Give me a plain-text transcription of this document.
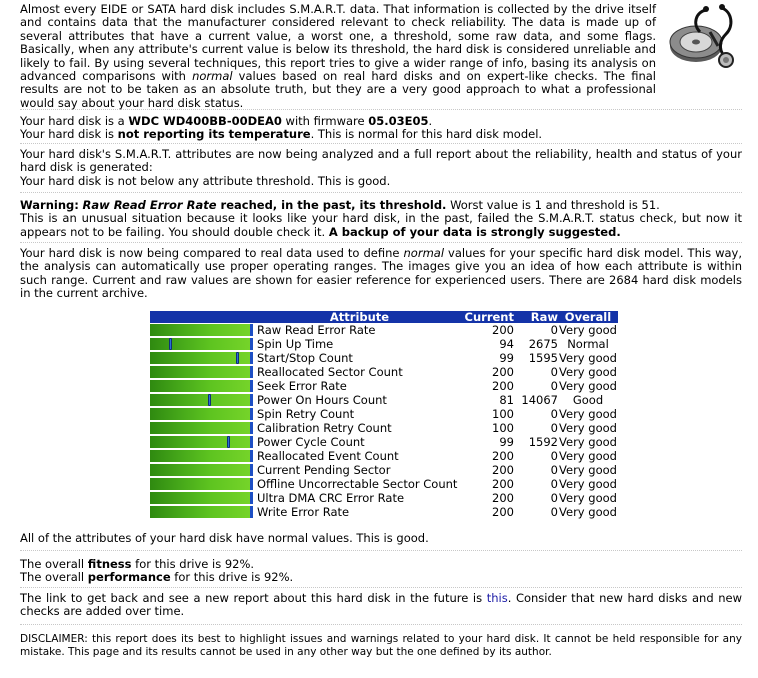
Almost every EIDE or SATA hard disk includes S.M.A.R.T. data. That information is collected by the drive itself and contains data that the manufacturer considered relevant to check reliability. The data is made up of several attributes that have a current value, a worst one, a threshold, some raw data, and some flags. Basically, when any attribute's current value is below its threshold, the hard disk is considered unreliable and likely to fail. By using several techniques, this report tries to give a wider range of info, basing its analysis on advanced comparisons with normal values based on real hard disks and on expert-like checks. The final results are not to be taken as an absolute truth, but they are a very good approach to what a professional would say about your hard disk status.
Your hard disk is a WDC WD400BB-00DEA0 with firmware 05.03E05.
Your hard disk is not reporting its temperature. This is normal for this hard disk model.
Your hard disk's S.M.A.R.T. attributes are now being analyzed and a full report about the reliability, health and status of your hard disk is generated:
Your hard disk is not below any attribute threshold. This is good.
Warning: Raw Read Error Rate reached, in the past, its threshold. Worst value is 1 and threshold is 51.
This is an unusual situation because it looks like your hard disk, in the past, failed the S.M.A.R.T. status check, but now it appears not to be failing. You should double check it. A backup of your data is strongly suggested.
Your hard disk is now being compared to real data used to define normal values for your specific hard disk model. This way, the analysis can automatically use proper operating ranges. The images give you an idea of how each attribute is within such range. Current and raw values are shown for easier reference for experienced users. There are 2684 hard disk models in the current archive.
	Attribute	Current	Raw	Overall

	Raw Read Error Rate	200	0	Very good

	Spin Up Time	94	2675	Normal

	Start/Stop Count	99	1595	Very good

	Reallocated Sector Count	200	0	Very good

	Seek Error Rate	200	0	Very good

	Power On Hours Count	81	14067	Good

	Spin Retry Count	100	0	Very good

	Calibration Retry Count	100	0	Very good

	Power Cycle Count	99	1592	Very good

	Reallocated Event Count	200	0	Very good

	Current Pending Sector	200	0	Very good

	Offline Uncorrectable Sector Count	200	0	Very good

	Ultra DMA CRC Error Rate	200	0	Very good

	Write Error Rate	200	0	Very good
All of the attributes of your hard disk have normal values. This is good.
The overall fitness for this drive is 92%.
The overall performance for this drive is 92%.
The link to get back and see a new report about this hard disk in the future is this. Consider that new hard disks and new checks are added over time.
DISCLAIMER: this report does its best to highlight issues and warnings related to your hard disk. It cannot be held responsible for any mistake. This page and its results cannot be used in any other way but the one defined by its author.
